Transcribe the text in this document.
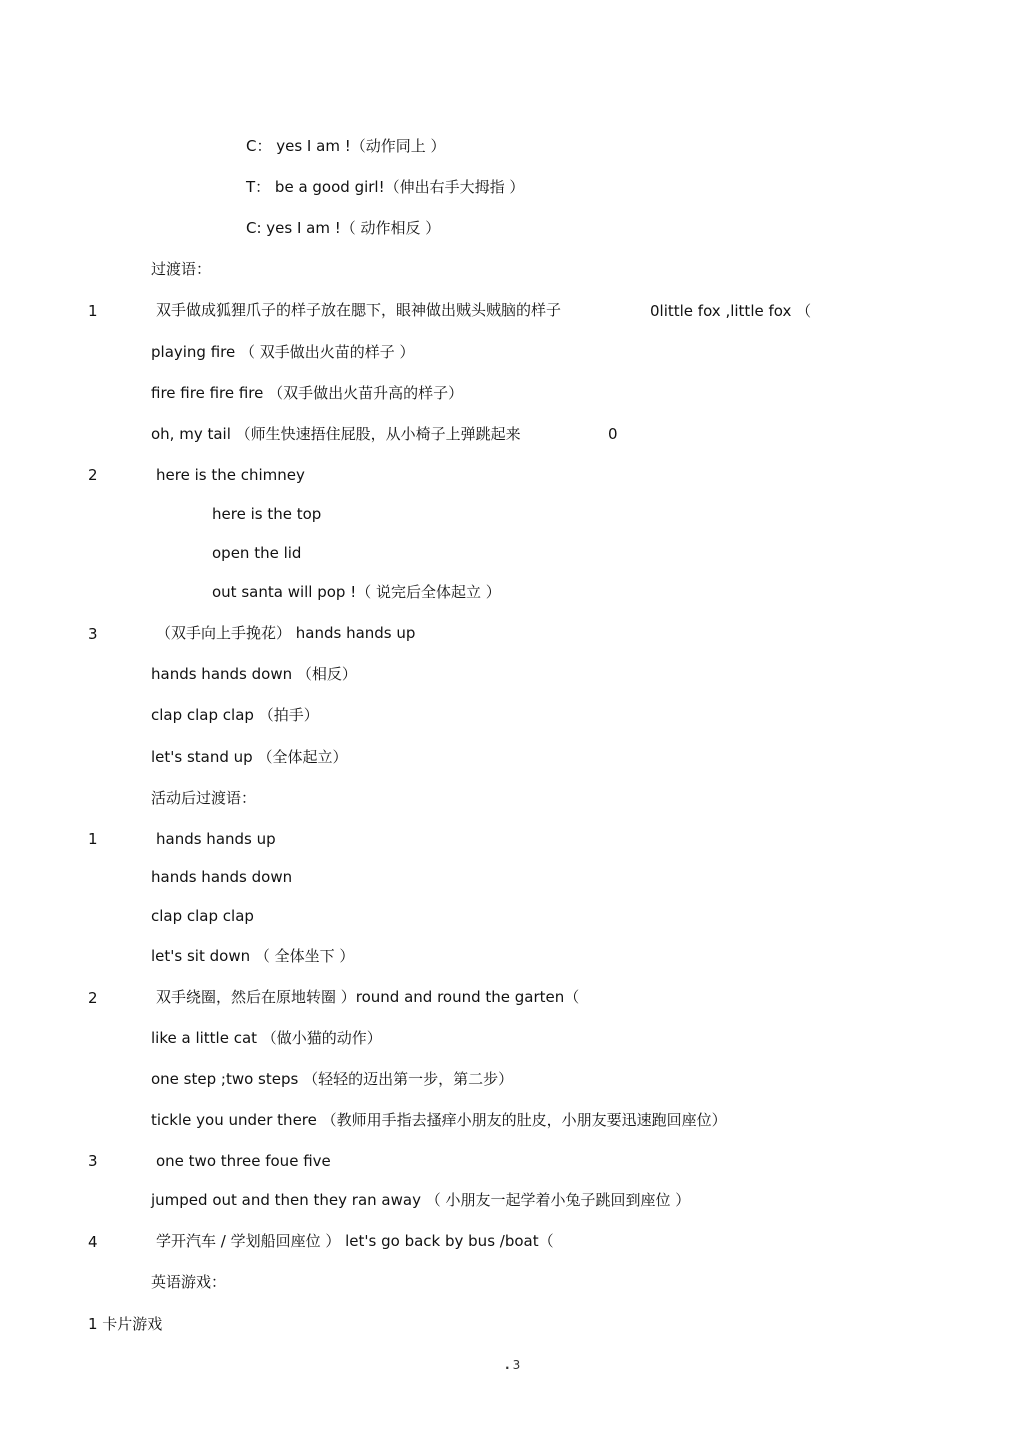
C： yes I am !（动作同上 ）
T： be a good girl!（伸出右手大拇指 ）
C: yes I am !（ 动作相反 ）
过渡语：
1	双手做成狐狸爪子的样子放在腮下，眼神做出贼头贼脑的样子	0little fox ,little fox （
playing fire （ 双手做出火苗的样子 ）
fire fire fire fire （双手做出火苗升高的样子）
oh, my tail （师生快速捂住屁股，从小椅子上弹跳起来	0
2	here is the chimney
here is the top
open the lid
out santa will pop !（ 说完后全体起立 ）
3	（双手向上手挽花） hands hands up
hands hands down （相反）
clap clap clap （拍手）
let's stand up （全体起立）
活动后过渡语：
1	hands hands up
hands hands down
clap clap clap
let's sit down （ 全体坐下 ）
2	双手绕圈，然后在原地转圈 ）round and round the garten（
like a little cat （做小猫的动作）
one step ;two steps （轻轻的迈出第一步，第二步）
tickle you under there （教师用手指去搔痒小朋友的肚皮，小朋友要迅速跑回座位）
3	one two three foue five
jumped out and then they ran away （ 小朋友一起学着小兔子跳回到座位 ）
4	学开汽车 / 学划船回座位 ） let's go back by bus /boat（
英语游戏：
1 卡片游戏
. 3
